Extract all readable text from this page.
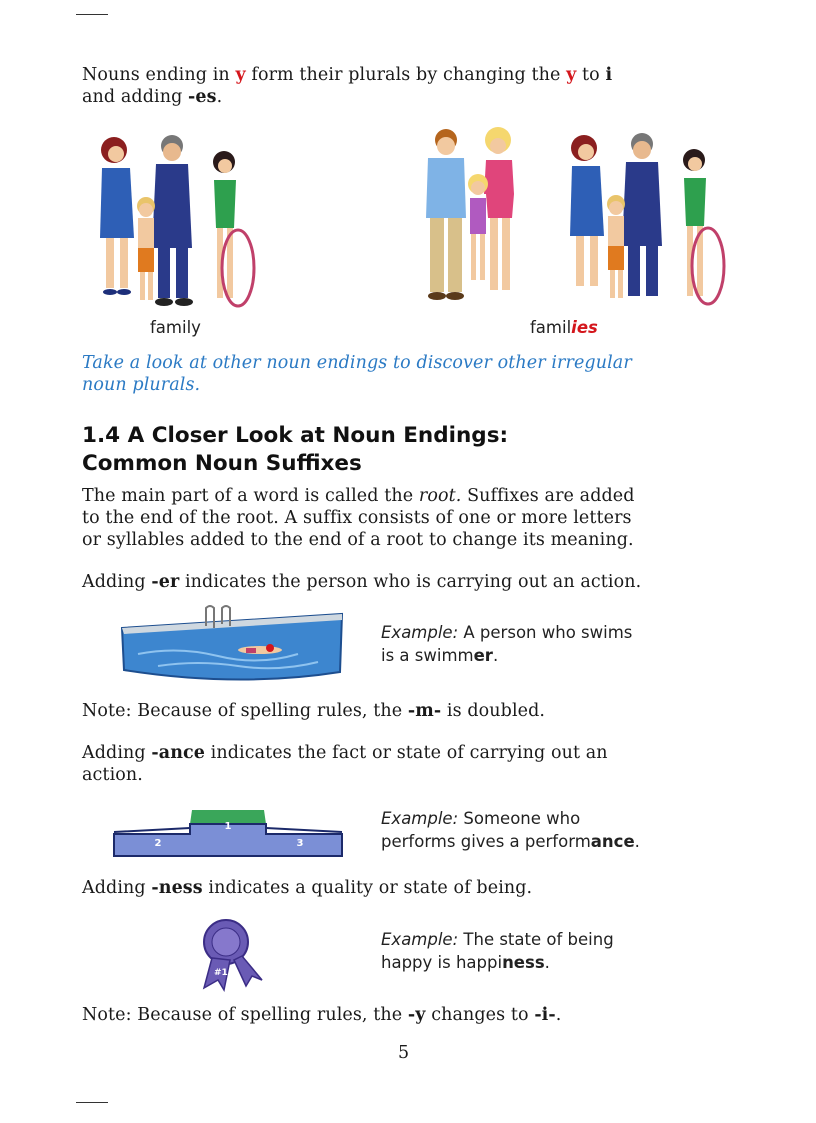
Nouns ending in y form their plurals by changing the y to i
and adding -es.
family	families
Take a look at other noun endings to discover other irregular
noun plurals.
1.4 A Closer Look at Noun Endings:
Common Noun Suffixes
The main part of a word is called the root. Suffixes are added
to the end of the root. A suffix consists of one or more letters
or syllables added to the end of a root to change its meaning.
Adding -er indicates the person who is carrying out an action.
Example: A person who swims
is a swimmer.
Note: Because of spelling rules, the -m- is doubled.
Adding -ance indicates the fact or state of carrying out an
action.
1
2	3
Example: Someone who
performs gives a performance.
Adding -ness indicates a quality or state of being.
#1
Example: The state of being
happy is happiness.
Note: Because of spelling rules, the -y changes to -i-.
5
